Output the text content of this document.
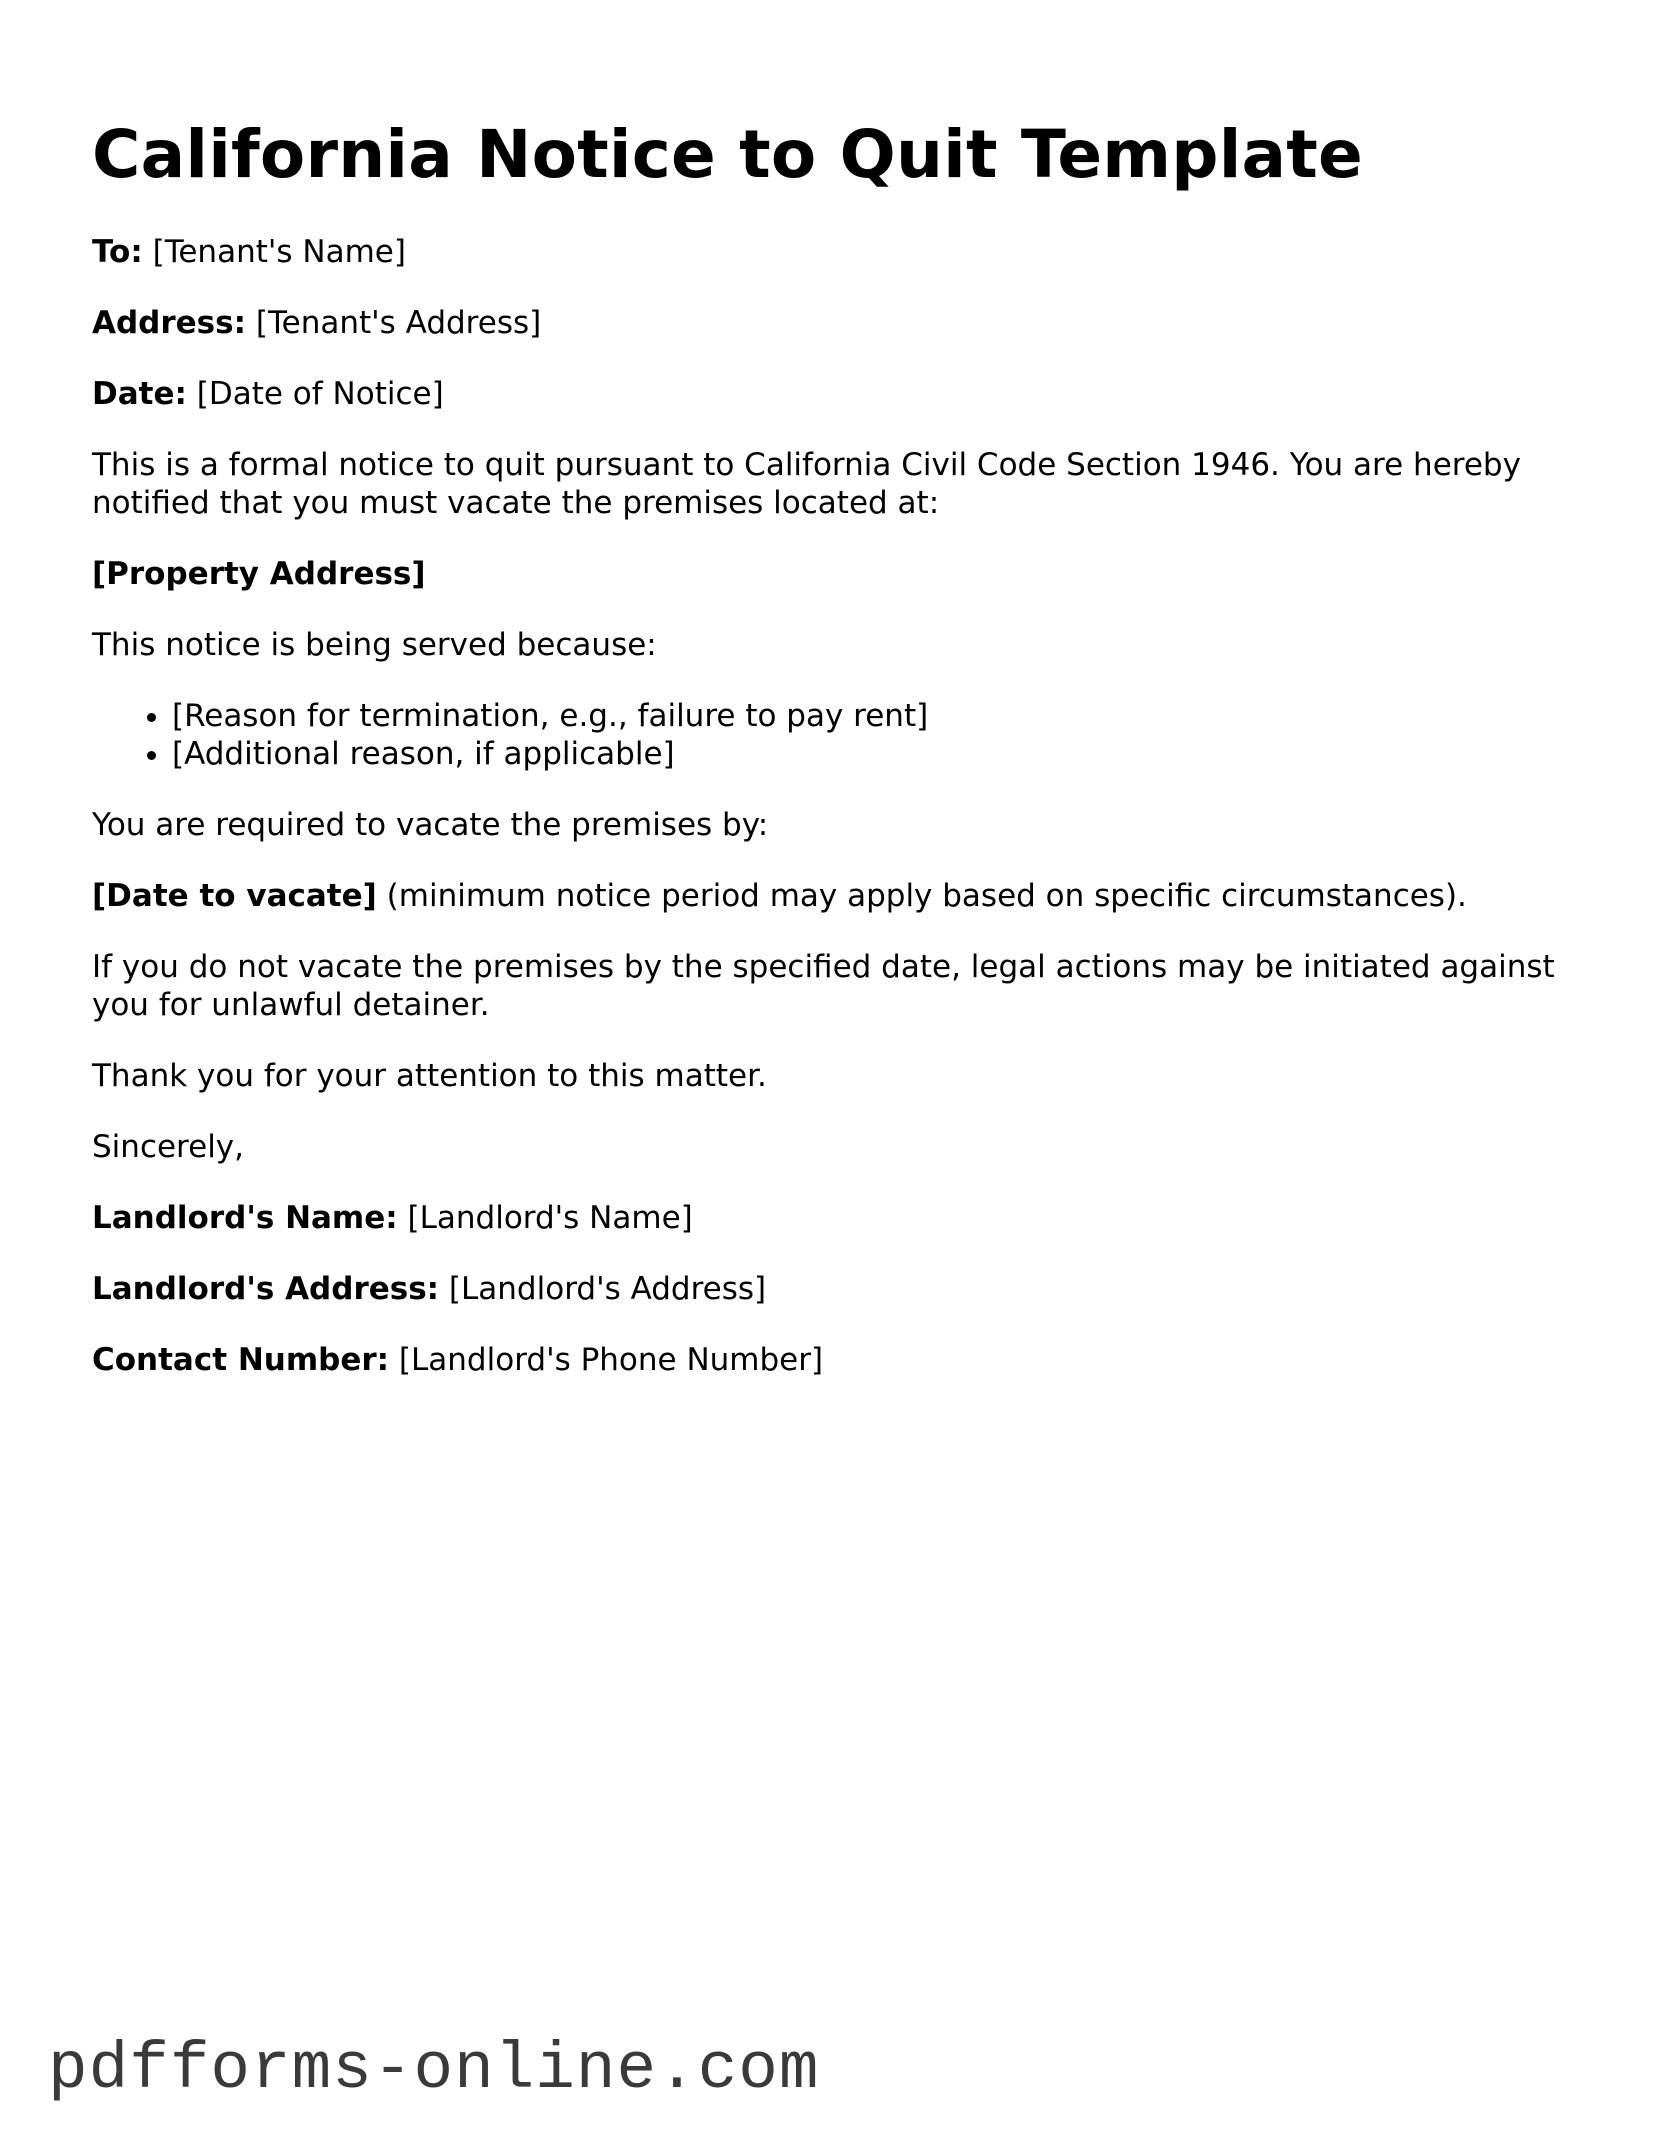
California Notice to Quit Template

To: [Tenant's Name]

Address: [Tenant's Address]

Date: [Date of Notice]

This is a formal notice to quit pursuant to California Civil Code Section 1946. You are hereby notified that you must vacate the premises located at:

[Property Address]

This notice is being served because:

• [Reason for termination, e.g., failure to pay rent]
• [Additional reason, if applicable]

You are required to vacate the premises by:

[Date to vacate] (minimum notice period may apply based on specific circumstances).

If you do not vacate the premises by the specified date, legal actions may be initiated against you for unlawful detainer.

Thank you for your attention to this matter.

Sincerely,

Landlord's Name: [Landlord's Name]

Landlord's Address: [Landlord's Address]

Contact Number: [Landlord's Phone Number]

pdfforms-online.com
